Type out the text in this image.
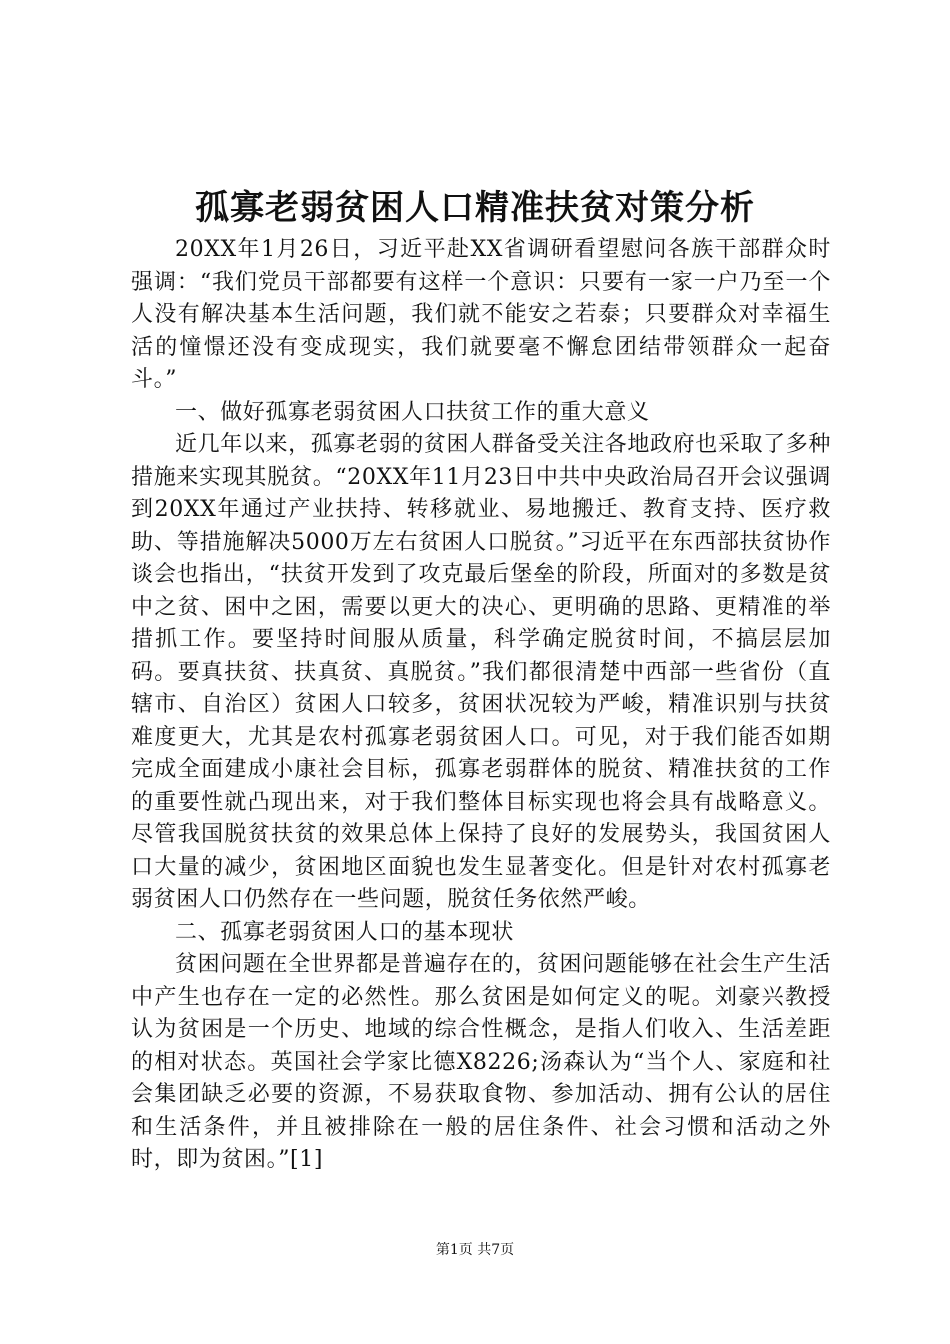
孤寡老弱贫困人口精准扶贫对策分析

20XX年1月26日，习近平赴XX省调研看望慰问各族干部群众时强调：“我们党员干部都要有这样一个意识：只要有一家一户乃至一个人没有解决基本生活问题，我们就不能安之若泰；只要群众对幸福生活的憧憬还没有变成现实，我们就要毫不懈怠团结带领群众一起奋斗。”

一、做好孤寡老弱贫困人口扶贫工作的重大意义

近几年以来，孤寡老弱的贫困人群备受关注各地政府也采取了多种措施来实现其脱贫。“20XX年11月23日中共中央政治局召开会议强调到20XX年通过产业扶持、转移就业、易地搬迁、教育支持、医疗救助、等措施解决5000万左右贫困人口脱贫。”习近平在东西部扶贫协作谈会也指出，“扶贫开发到了攻克最后堡垒的阶段，所面对的多数是贫中之贫、困中之困，需要以更大的决心、更明确的思路、更精准的举措抓工作。要坚持时间服从质量，科学确定脱贫时间，不搞层层加码。要真扶贫、扶真贫、真脱贫。”我们都很清楚中西部一些省份（直辖市、自治区）贫困人口较多，贫困状况较为严峻，精准识别与扶贫难度更大，尤其是农村孤寡老弱贫困人口。可见，对于我们能否如期完成全面建成小康社会目标，孤寡老弱群体的脱贫、精准扶贫的工作的重要性就凸现出来，对于我们整体目标实现也将会具有战略意义。尽管我国脱贫扶贫的效果总体上保持了良好的发展势头，我国贫困人口大量的减少，贫困地区面貌也发生显著变化。但是针对农村孤寡老弱贫困人口仍然存在一些问题，脱贫任务依然严峻。

二、孤寡老弱贫困人口的基本现状

贫困问题在全世界都是普遍存在的，贫困问题能够在社会生产生活中产生也存在一定的必然性。那么贫困是如何定义的呢。刘豪兴教授认为贫困是一个历史、地域的综合性概念，是指人们收入、生活差距的相对状态。英国社会学家比德X8226;汤森认为“当个人、家庭和社会集团缺乏必要的资源，不易获取食物、参加活动、拥有公认的居住和生活条件，并且被排除在一般的居住条件、社会习惯和活动之外时，即为贫困。”[1]

第1页 共7页
